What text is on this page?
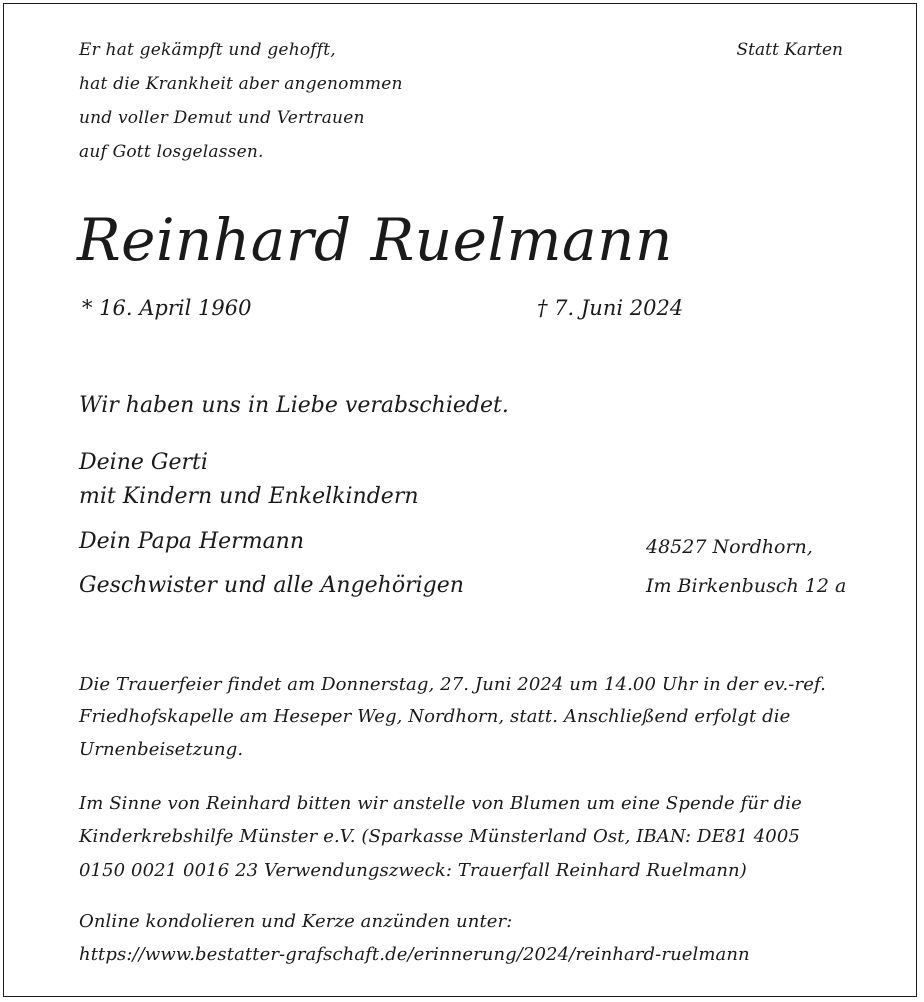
Er hat gekämpft und gehofft,

hat die Krankheit aber angenommen

und voller Demut und Vertrauen

auf Gott losgelassen.

Statt Karten

Reinhard Ruelmann

* 16. April 1960	† 7. Juni 2024

Wir haben uns in Liebe verabschiedet.

Deine Gerti

mit Kindern und Enkelkindern

Dein Papa Hermann

Geschwister und alle Angehörigen

48527 Nordhorn,

Im Birkenbusch 12 a

Die Trauerfeier findet am Donnerstag, 27. Juni 2024 um 14.00 Uhr in der ev.-ref.

Friedhofskapelle am Heseper Weg, Nordhorn, statt. Anschließend erfolgt die

Urnenbeisetzung.

Im Sinne von Reinhard bitten wir anstelle von Blumen um eine Spende für die

Kinderkrebshilfe Münster e.V. (Sparkasse Münsterland Ost, IBAN: DE81 4005

0150 0021 0016 23 Verwendungszweck: Trauerfall Reinhard Ruelmann)

Online kondolieren und Kerze anzünden unter:

https://www.bestatter-grafschaft.de/erinnerung/2024/reinhard-ruelmann
